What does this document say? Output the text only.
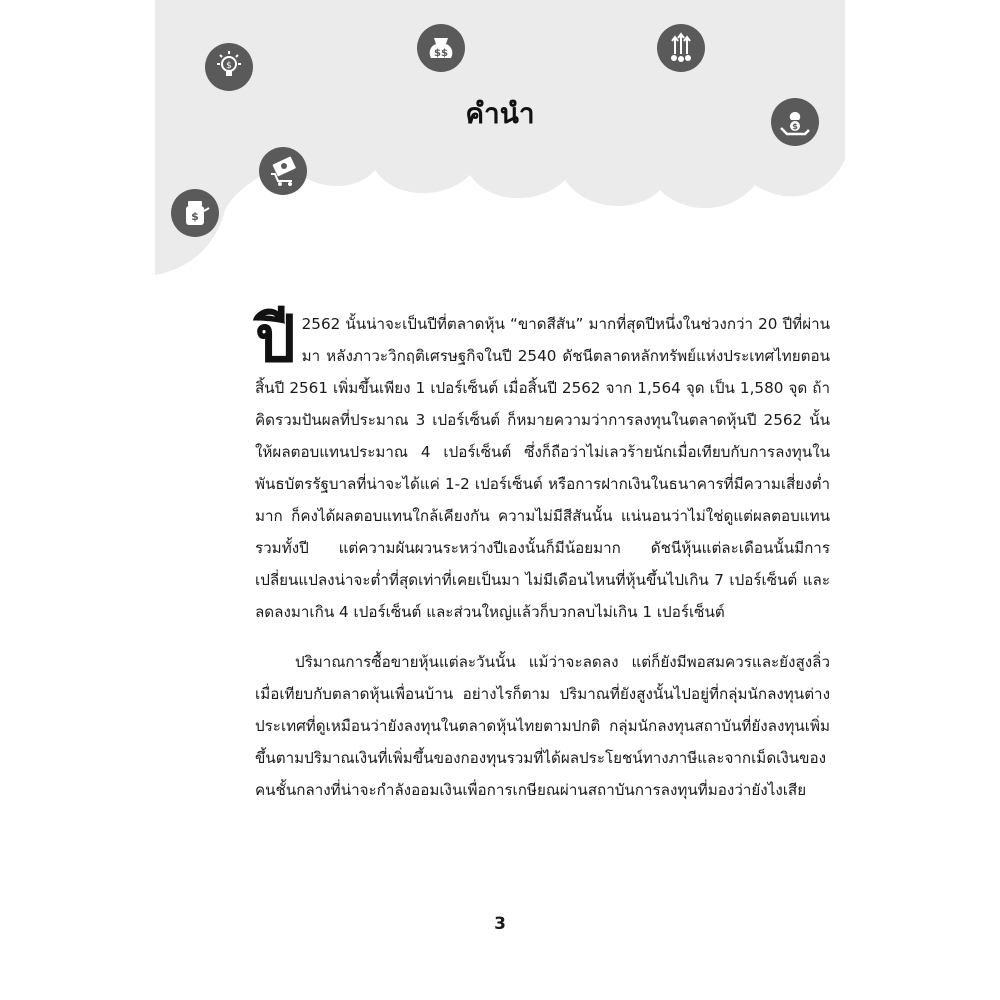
$
$$
$
$
คำนำ

ปี 2562 นั้นน่าจะเป็นปีที่ตลาดหุ้น “ขาดสีสัน” มากที่สุดปีหนึ่งในช่วงกว่า 20 ปีที่ผ่านมา หลังภาวะวิกฤติเศรษฐกิจในปี 2540 ดัชนีตลาดหลักทรัพย์แห่งประเทศไทยตอนสิ้นปี 2561 เพิ่มขึ้นเพียง 1 เปอร์เซ็นต์ เมื่อสิ้นปี 2562 จาก 1,564 จุด เป็น 1,580 จุด ถ้าคิดรวมปันผลที่ประมาณ 3 เปอร์เซ็นต์ ก็หมายความว่าการลงทุนในตลาดหุ้นปี 2562 นั้น ให้ผลตอบแทนประมาณ 4 เปอร์เซ็นต์ ซึ่งก็ถือว่าไม่เลวร้ายนักเมื่อเทียบกับการลงทุนในพันธบัตรรัฐบาลที่น่าจะได้แค่ 1-2 เปอร์เซ็นต์ หรือการฝากเงินในธนาคารที่มีความเสี่ยงต่ำมาก ก็คงได้ผลตอบแทนใกล้เคียงกัน ความไม่มีสีสันนั้น แน่นอนว่าไม่ใช่ดูแต่ผลตอบแทนรวมทั้งปี แต่ความผันผวนระหว่างปีเองนั้นก็มีน้อยมาก ดัชนีหุ้นแต่ละเดือนนั้นมีการเปลี่ยนแปลงน่าจะต่ำที่สุดเท่าที่เคยเป็นมา ไม่มีเดือนไหนที่หุ้นขึ้นไปเกิน 7 เปอร์เซ็นต์ และลดลงมาเกิน 4 เปอร์เซ็นต์ และส่วนใหญ่แล้วก็บวกลบไม่เกิน 1 เปอร์เซ็นต์

ปริมาณการซื้อขายหุ้นแต่ละวันนั้น แม้ว่าจะลดลง แต่ก็ยังมีพอสมควรและยังสูงลิ่วเมื่อเทียบกับตลาดหุ้นเพื่อนบ้าน อย่างไรก็ตาม ปริมาณที่ยังสูงนั้นไปอยู่ที่กลุ่มนักลงทุนต่างประเทศที่ดูเหมือนว่ายังลงทุนในตลาดหุ้นไทยตามปกติ กลุ่มนักลงทุนสถาบันที่ยังลงทุนเพิ่มขึ้นตามปริมาณเงินที่เพิ่มขึ้นของกองทุนรวมที่ได้ผลประโยชน์ทางภาษีและจากเม็ดเงินของคนชั้นกลางที่น่าจะกำลังออมเงินเพื่อการเกษียณผ่านสถาบันการลงทุนที่มองว่ายังไงเสีย

3
